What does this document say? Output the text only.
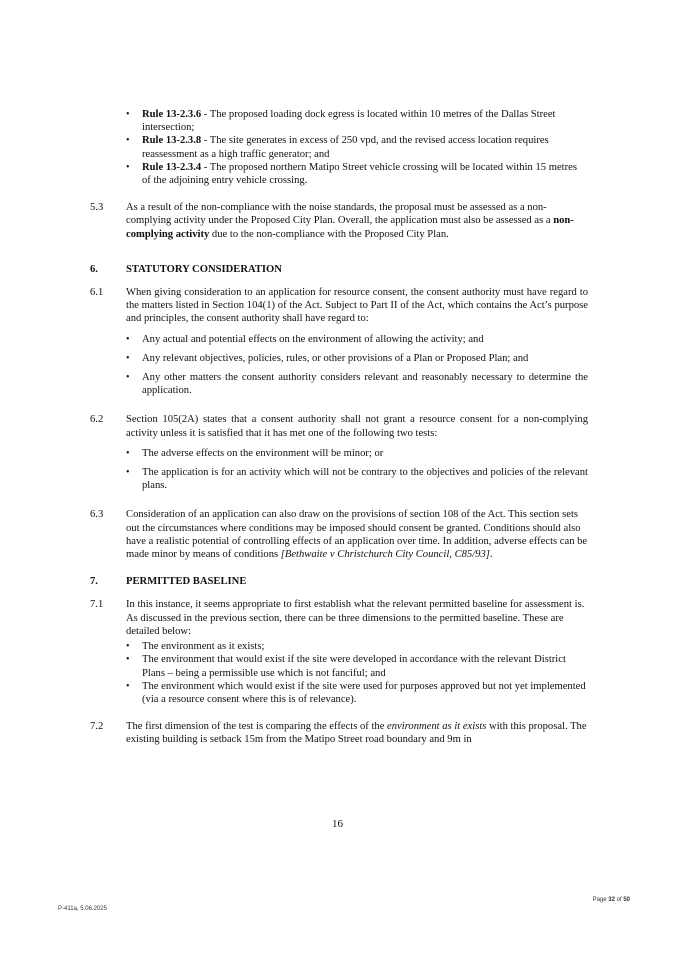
• Rule 13-2.3.6 - The proposed loading dock egress is located within 10 metres of the Dallas Street intersection;
• Rule 13-2.3.8 - The site generates in excess of 250 vpd, and the revised access location requires reassessment as a high traffic generator; and
• Rule 13-2.3.4 - The proposed northern Matipo Street vehicle crossing will be located within 15 metres of the adjoining entry vehicle crossing.
5.3	As a result of the non-compliance with the noise standards, the proposal must be assessed as a non-complying activity under the Proposed City Plan. Overall, the application must also be assessed as a non-complying activity due to the non-compliance with the Proposed City Plan.
6.	STATUTORY CONSIDERATION
6.1	When giving consideration to an application for resource consent, the consent authority must have regard to the matters listed in Section 104(1) of the Act. Subject to Part II of the Act, which contains the Act’s purpose and principles, the consent authority shall have regard to:
• Any actual and potential effects on the environment of allowing the activity; and
• Any relevant objectives, policies, rules, or other provisions of a Plan or Proposed Plan; and
• Any other matters the consent authority considers relevant and reasonably necessary to determine the application.
6.2	Section 105(2A) states that a consent authority shall not grant a resource consent for a non-complying activity unless it is satisfied that it has met one of the following two tests:
• The adverse effects on the environment will be minor; or
• The application is for an activity which will not be contrary to the objectives and policies of the relevant plans.
6.3	Consideration of an application can also draw on the provisions of section 108 of the Act. This section sets out the circumstances where conditions may be imposed should consent be granted. Conditions should also have a realistic potential of controlling effects of an application over time. In addition, adverse effects can be made minor by means of conditions [Bethwaite v Christchurch City Council, C85/93].
7.	PERMITTED BASELINE
7.1	In this instance, it seems appropriate to first establish what the relevant permitted baseline for assessment is. As discussed in the previous section, there can be three dimensions to the permitted baseline. These are detailed below:
• The environment as it exists;
• The environment that would exist if the site were developed in accordance with the relevant District Plans – being a permissible use which is not fanciful; and
• The environment which would exist if the site were used for purposes approved but not yet implemented (via a resource consent where this is of relevance).
7.2	The first dimension of the test is comparing the effects of the environment as it exists with this proposal. The existing building is setback 15m from the Matipo Street road boundary and 9m in
16
P-411a, 5.06.2025
Page 32 of 50
